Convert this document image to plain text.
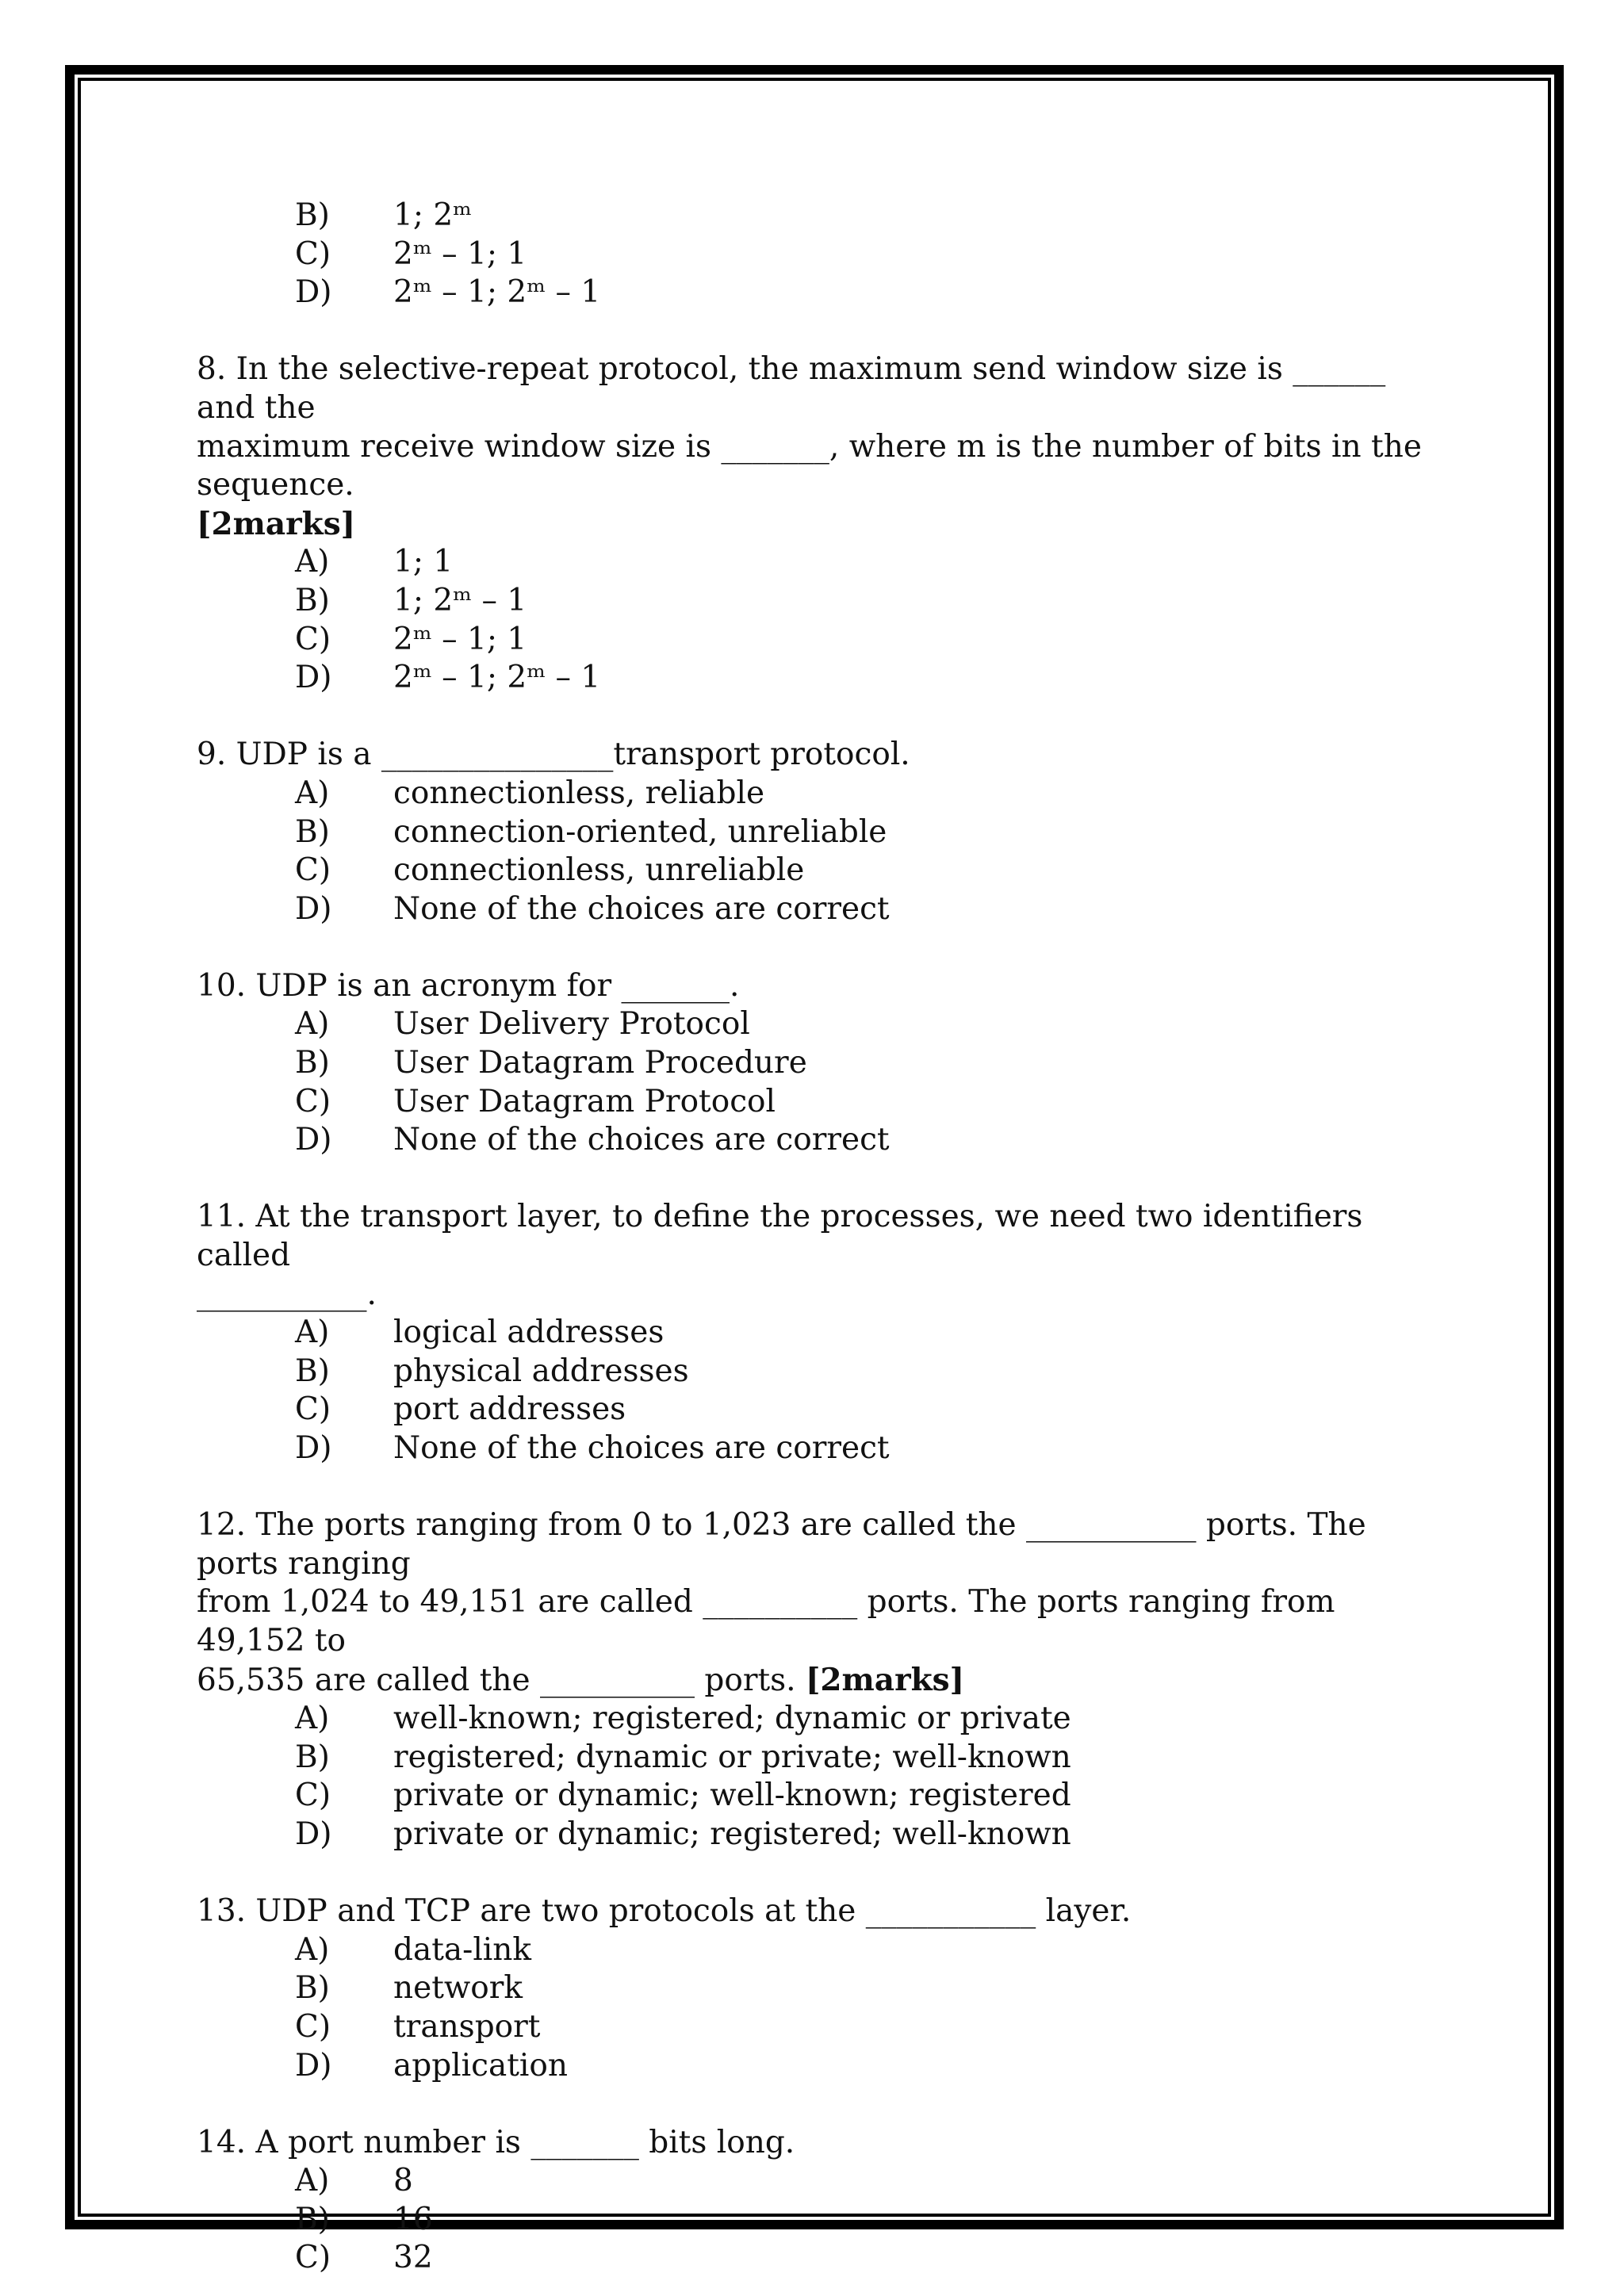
B)	1; 2ᵐ
C)	2ᵐ – 1; 1
D)	2ᵐ – 1; 2ᵐ – 1
8. In the selective-repeat protocol, the maximum send window size is ______ and the
maximum receive window size is _______, where m is the number of bits in the sequence.
[2marks]
A)	1; 1
B)	1; 2ᵐ – 1
C)	2ᵐ – 1; 1
D)	2ᵐ – 1; 2ᵐ – 1
9. UDP is a _______________transport protocol.
A)	connectionless, reliable
B)	connection-oriented, unreliable
C)	connectionless, unreliable
D)	None of the choices are correct
10. UDP is an acronym for _______.
A)	User Delivery Protocol
B)	User Datagram Procedure
C)	User Datagram Protocol
D)	None of the choices are correct
11. At the transport layer, to define the processes, we need two identifiers called
___________.
A)	logical addresses
B)	physical addresses
C)	port addresses
D)	None of the choices are correct
12. The ports ranging from 0 to 1,023 are called the ___________ ports. The ports ranging
from 1,024 to 49,151 are called __________ ports. The ports ranging from 49,152 to
65,535 are called the __________ ports. [2marks]
A)	well-known; registered; dynamic or private
B)	registered; dynamic or private; well-known
C)	private or dynamic; well-known; registered
D)	private or dynamic; registered; well-known
13. UDP and TCP are two protocols at the ___________ layer.
A)	data-link
B)	network
C)	transport
D)	application
14. A port number is _______ bits long.
A)	8
B)	16
C)	32
